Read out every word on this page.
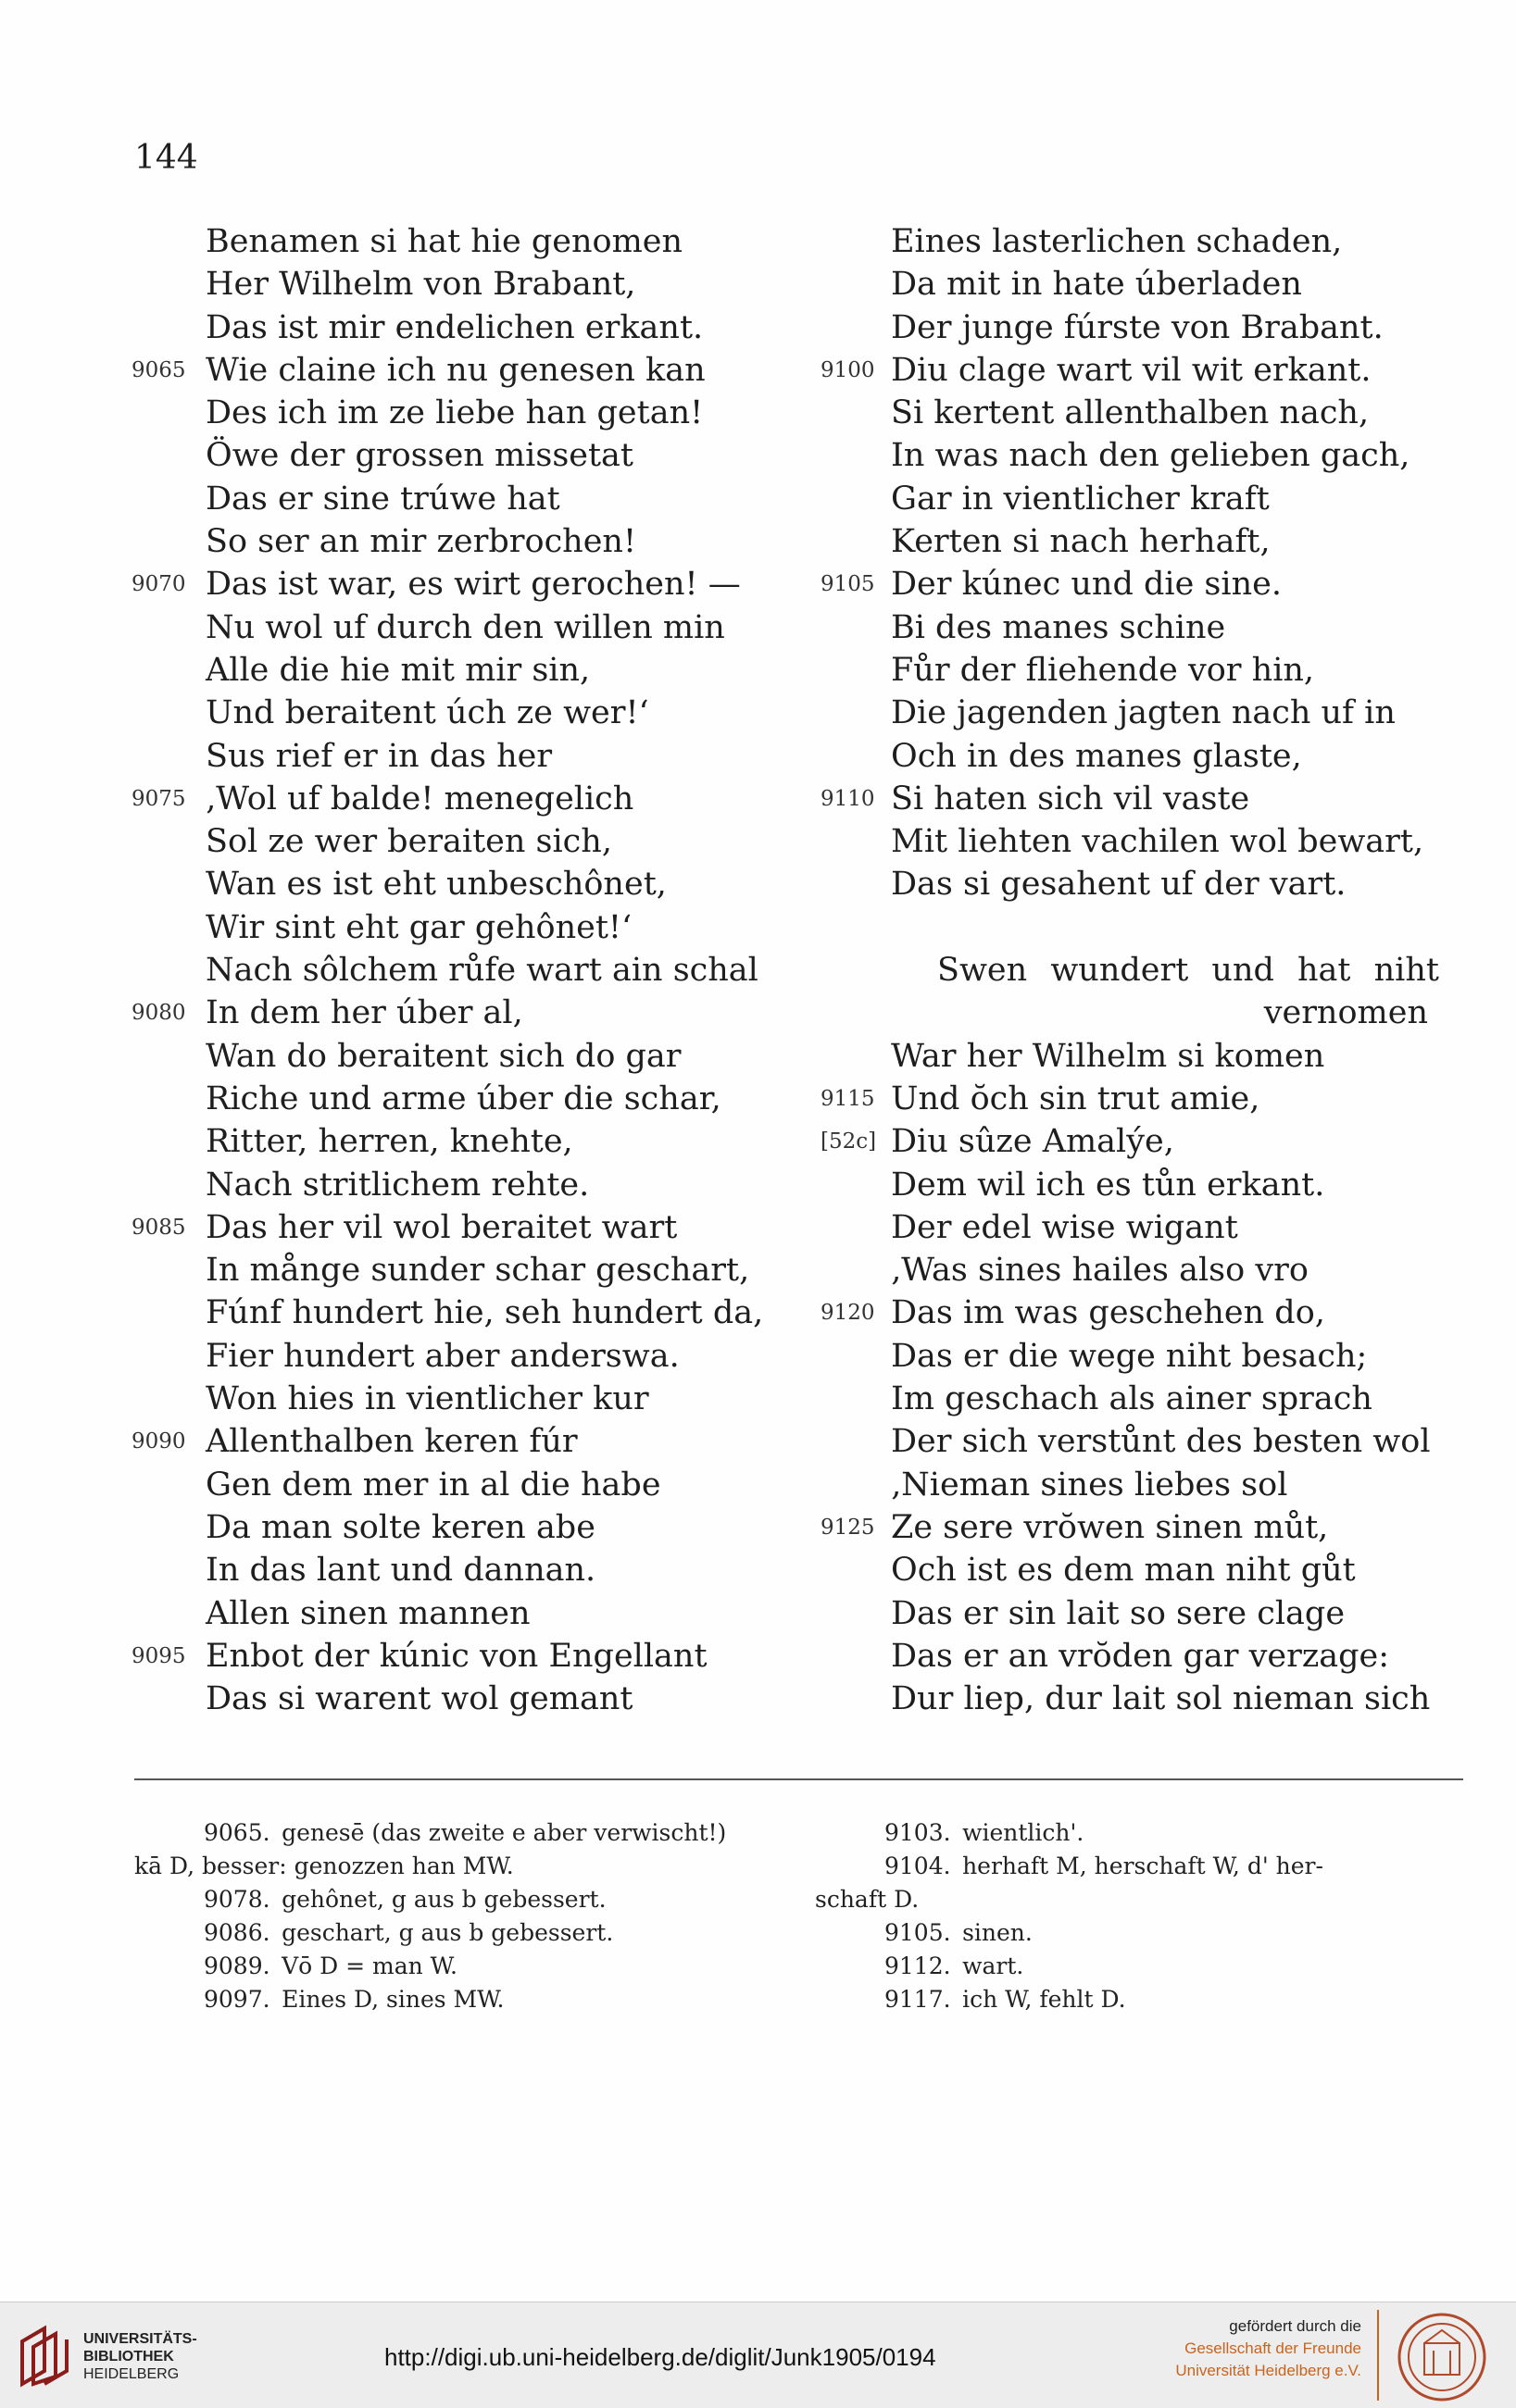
144
Benamen si hat hie genomen
Her Wilhelm von Brabant,
Das ist mir endelichen erkant.
9065 Wie claine ich nu genesen kan
Des ich im ze liebe han getan!
Öwe der grossen missetat
Das er sine trúwe hat
So ser an mir zerbrochen!
9070 Das ist war, es wirt gerochen! —
Nu wol uf durch den willen min
Alle die hie mit mir sin,
Und beraitent úch ze wer!‘
Sus rief er in das her
9075 ‚Wol uf balde! menegelich
Sol ze wer beraiten sich,
Wan es ist eht unbeschônet,
Wir sint eht gar gehônet!‘
Nach sôlchem růfe wart ain schal
9080 In dem her úber al,
Wan do beraitent sich do gar
Riche und arme úber die schar,
Ritter, herren, knehte,
Nach stritlichem rehte.
9085 Das her vil wol beraitet wart
In månge sunder schar geschart,
Fúnf hundert hie, seh hundert da,
Fier hundert aber anderswa.
Won hies in vientlicher kur
9090 Allenthalben keren fúr
Gen dem mer in al die habe
Da man solte keren abe
In das lant und dannan.
Allen sinen mannen
9095 Enbot der kúnic von Engellant
Das si warent wol gemant
Eines lasterlichen schaden,
Da mit in hate úberladen
Der junge fúrste von Brabant.
9100 Diu clage wart vil wit erkant.
Si kertent allenthalben nach,
In was nach den gelieben gach,
Gar in vientlicher kraft
Kerten si nach herhaft,
9105 Der kúnec und die sine.
Bi des manes schine
Fůr der fliehende vor hin,
Die jagenden jagten nach uf in
Och in des manes glaste,
9110 Si haten sich vil vaste
Mit liehten vachilen wol bewart,
Das si gesahent uf der vart.
Swen wundert und hat niht
vernomen
War her Wilhelm si komen
9115 Und ŏch sin trut amie,
[52c] Diu sûze Amalýe,
Dem wil ich es tůn erkant.
Der edel wise wigant
‚Was sines hailes also vro
9120 Das im was geschehen do,
Das er die wege niht besach;
Im geschach als ainer sprach
Der sich verstůnt des besten wol
‚Nieman sines liebes sol
9125 Ze sere vrŏwen sinen můt,
Och ist es dem man niht gůt
Das er sin lait so sere clage
Das er an vrŏden gar verzage:
Dur liep, dur lait sol nieman sich
9065. genesē (das zweite e aber verwischt!)
kā D, besser: genozzen han MW.
9078. gehônet, g aus b gebessert.
9086. geschart, g aus b gebessert.
9089. Vō D = man W.
9097. Eines D, sines MW.
9103. wientlich'.
9104. herhaft M, herschaft W, d' her-
schaft D.
9105. sinen.
9112. wart.
9117. ich W, fehlt D.
UNIVERSITÄTS-
BIBLIOTHEK
HEIDELBERG
http://digi.ub.uni-heidelberg.de/diglit/Junk1905/0194
gefördert durch die
Gesellschaft der Freunde
Universität Heidelberg e.V.
